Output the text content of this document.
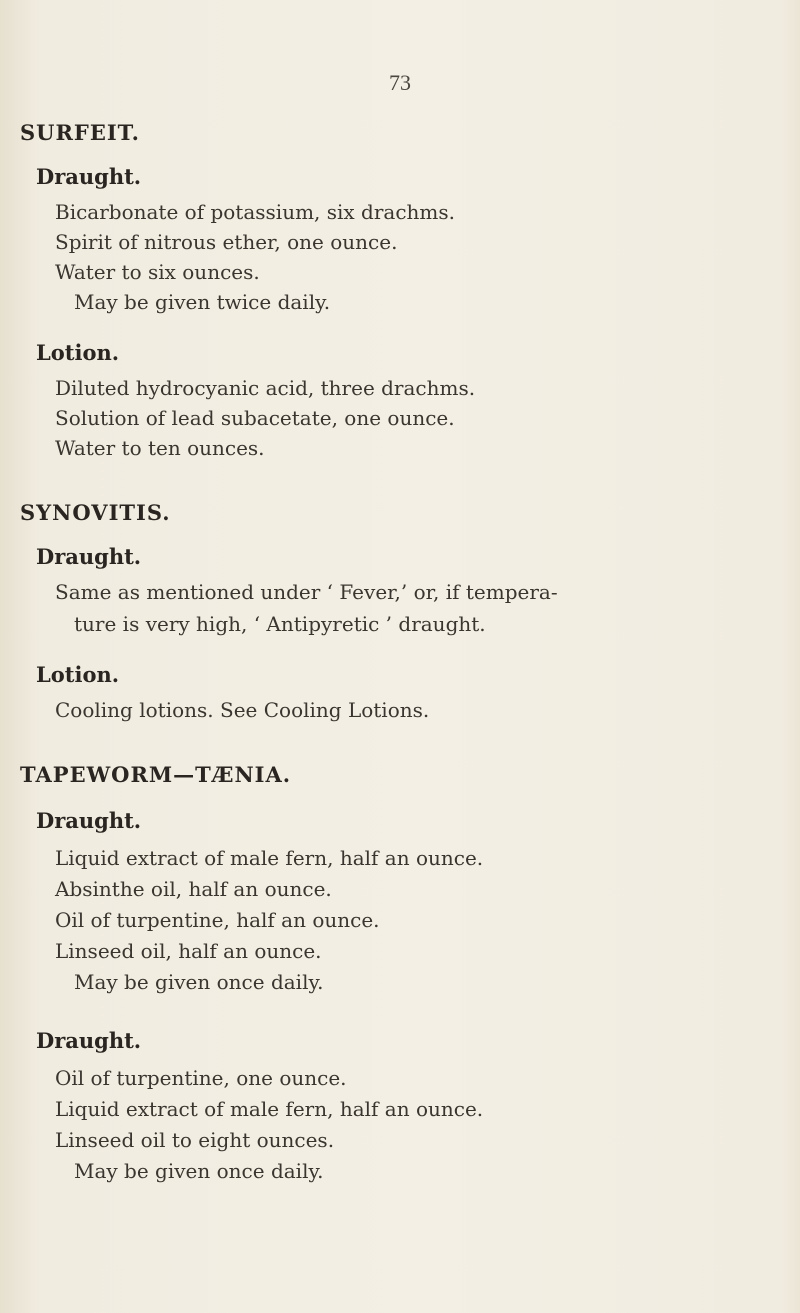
73
SURFEIT.
Draught.
Bicarbonate of potassium, six drachms.
Spirit of nitrous ether, one ounce.
Water to six ounces.
May be given twice daily.
Lotion.
Diluted hydrocyanic acid, three drachms.
Solution of lead subacetate, one ounce.
Water to ten ounces.
SYNOVITIS.
Draught.
Same as mentioned under ‘ Fever,’ or, if tempera-
ture is very high, ‘ Antipyretic ’ draught.
Lotion.
Cooling lotions. See Cooling Lotions.
TAPEWORM—TÆNIA.
Draught.
Liquid extract of male fern, half an ounce.
Absinthe oil, half an ounce.
Oil of turpentine, half an ounce.
Linseed oil, half an ounce.
May be given once daily.
Draught.
Oil of turpentine, one ounce.
Liquid extract of male fern, half an ounce.
Linseed oil to eight ounces.
May be given once daily.
